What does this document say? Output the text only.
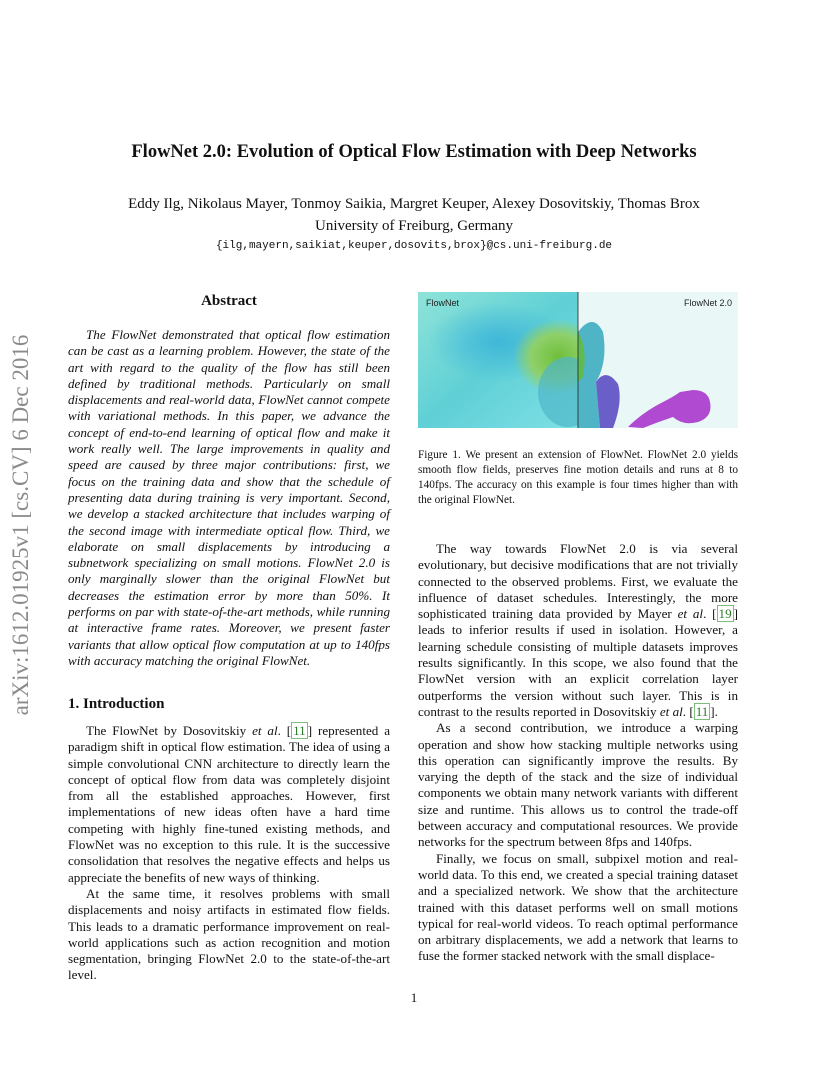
FlowNet 2.0: Evolution of Optical Flow Estimation with Deep Networks
Eddy Ilg, Nikolaus Mayer, Tonmoy Saikia, Margret Keuper, Alexey Dosovitskiy, Thomas Brox
University of Freiburg, Germany
{ilg,mayern,saikiat,keuper,dosovits,brox}@cs.uni-freiburg.de
arXiv:1612.01925v1 [cs.CV] 6 Dec 2016
Abstract

The FlowNet demonstrated that optical flow estimation can be cast as a learning problem. However, the state of the art with regard to the quality of the flow has still been defined by traditional methods. Particularly on small displacements and real-world data, FlowNet cannot compete with variational methods. In this paper, we advance the concept of end-to-end learning of optical flow and make it work really well. The large improvements in quality and speed are caused by three major contributions: first, we focus on the training data and show that the schedule of presenting data during training is very important. Second, we develop a stacked architecture that includes warping of the second image with intermediate optical flow. Third, we elaborate on small displacements by introducing a subnetwork specializing on small motions. FlowNet 2.0 is only marginally slower than the original FlowNet but decreases the estimation error by more than 50%. It performs on par with state-of-the-art methods, while running at interactive frame rates. Moreover, we present faster variants that allow optical flow computation at up to 140fps with accuracy matching the original FlowNet.

1. Introduction

The FlowNet by Dosovitskiy et al. [ 11 ] represented a paradigm shift in optical flow estimation. The idea of using a simple convolutional CNN architecture to directly learn the concept of optical flow from data was completely disjoint from all the established approaches. However, first implementations of new ideas often have a hard time competing with highly fine-tuned existing methods, and FlowNet was no exception to this rule. It is the successive consolidation that resolves the negative effects and helps us appreciate the benefits of new ways of thinking.

At the same time, it resolves problems with small displacements and noisy artifacts in estimated flow fields. This leads to a dramatic performance improvement on real-world applications such as action recognition and motion segmentation, bringing FlowNet 2.0 to the state-of-the-art level.

FlowNet	FlowNet 2.0
Figure 1. We present an extension of FlowNet. FlowNet 2.0 yields smooth flow fields, preserves fine motion details and runs at 8 to 140fps. The accuracy on this example is four times higher than with the original FlowNet.

The way towards FlowNet 2.0 is via several evolutionary, but decisive modifications that are not trivially connected to the observed problems. First, we evaluate the influence of dataset schedules. Interestingly, the more sophisticated training data provided by Mayer et al. [ 19 ] leads to inferior results if used in isolation. However, a learning schedule consisting of multiple datasets improves results significantly. In this scope, we also found that the FlowNet version with an explicit correlation layer outperforms the version without such layer. This is in contrast to the results reported in Dosovitskiy et al. [ 11 ].

As a second contribution, we introduce a warping operation and show how stacking multiple networks using this operation can significantly improve the results. By varying the depth of the stack and the size of individual components we obtain many network variants with different size and runtime. This allows us to control the trade-off between accuracy and computational resources. We provide networks for the spectrum between 8fps and 140fps.

Finally, we focus on small, subpixel motion and real-world data. To this end, we created a special training dataset and a specialized network. We show that the architecture trained with this dataset performs well on small motions typical for real-world videos. To reach optimal performance on arbitrary displacements, we add a network that learns to fuse the former stacked network with the small displace-

1
